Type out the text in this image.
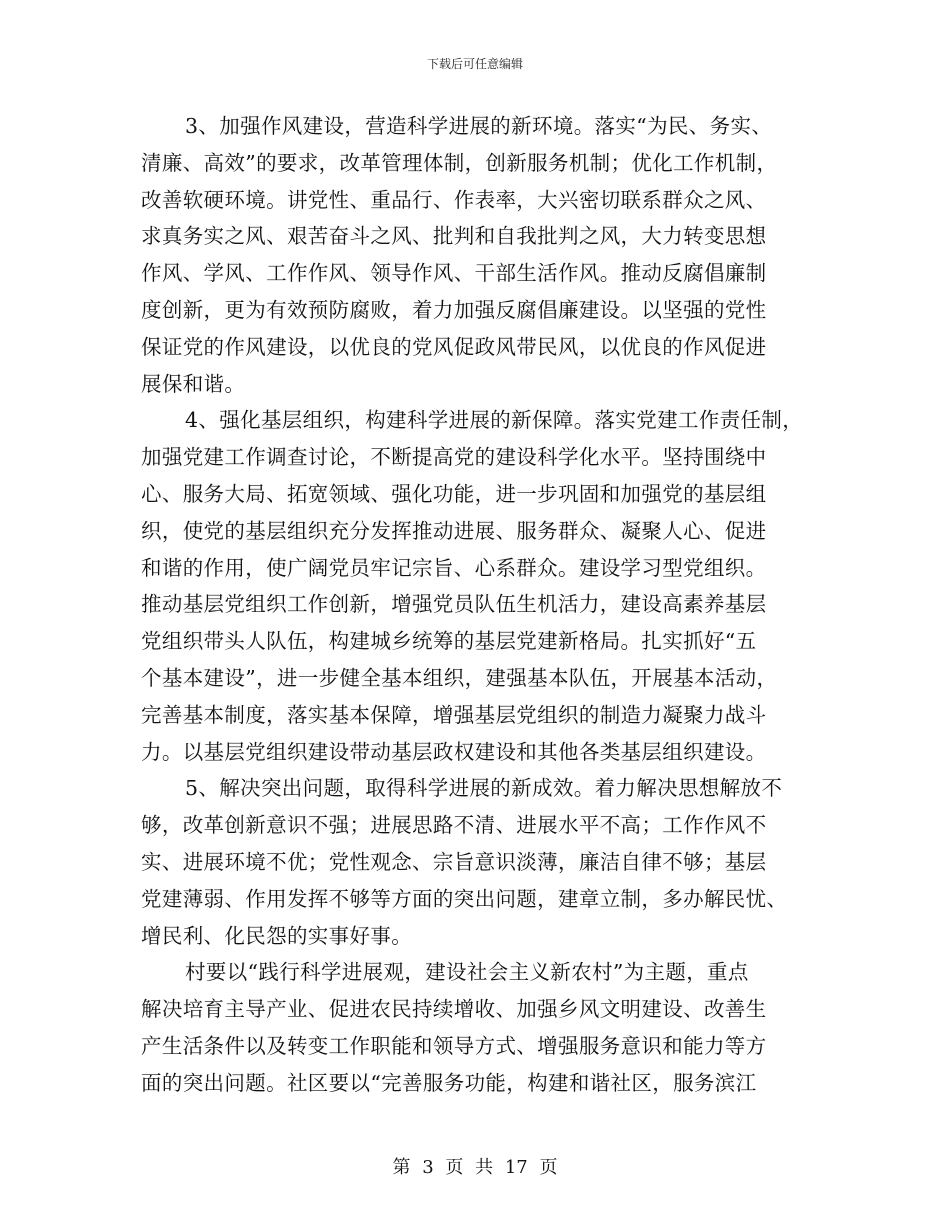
下载后可任意编辑
3、加强作风建设，营造科学进展的新环境。落实“为民、务实、
清廉、高效”的要求，改革管理体制，创新服务机制；优化工作机制，
改善软硬环境。讲党性、重品行、作表率，大兴密切联系群众之风、
求真务实之风、艰苦奋斗之风、批判和自我批判之风，大力转变思想
作风、学风、工作作风、领导作风、干部生活作风。推动反腐倡廉制
度创新，更为有效预防腐败，着力加强反腐倡廉建设。以坚强的党性
保证党的作风建设，以优良的党风促政风带民风，以优良的作风促进
展保和谐。
4、强化基层组织，构建科学进展的新保障。落实党建工作责任制，
加强党建工作调查讨论，不断提高党的建设科学化水平。坚持围绕中
心、服务大局、拓宽领域、强化功能，进一步巩固和加强党的基层组
织，使党的基层组织充分发挥推动进展、服务群众、凝聚人心、促进
和谐的作用，使广阔党员牢记宗旨、心系群众。建设学习型党组织。
推动基层党组织工作创新，增强党员队伍生机活力，建设高素养基层
党组织带头人队伍，构建城乡统筹的基层党建新格局。扎实抓好“五
个基本建设”，进一步健全基本组织，建强基本队伍，开展基本活动，
完善基本制度，落实基本保障，增强基层党组织的制造力凝聚力战斗
力。以基层党组织建设带动基层政权建设和其他各类基层组织建设。
5、解决突出问题，取得科学进展的新成效。着力解决思想解放不
够，改革创新意识不强；进展思路不清、进展水平不高；工作作风不
实、进展环境不优；党性观念、宗旨意识淡薄，廉洁自律不够；基层
党建薄弱、作用发挥不够等方面的突出问题，建章立制，多办解民忧、
增民利、化民怨的实事好事。
村要以“践行科学进展观，建设社会主义新农村”为主题，重点
解决培育主导产业、促进农民持续增收、加强乡风文明建设、改善生
产生活条件以及转变工作职能和领导方式、增强服务意识和能力等方
面的突出问题。社区要以“完善服务功能，构建和谐社区，服务滨江
第 3 页 共 17 页
